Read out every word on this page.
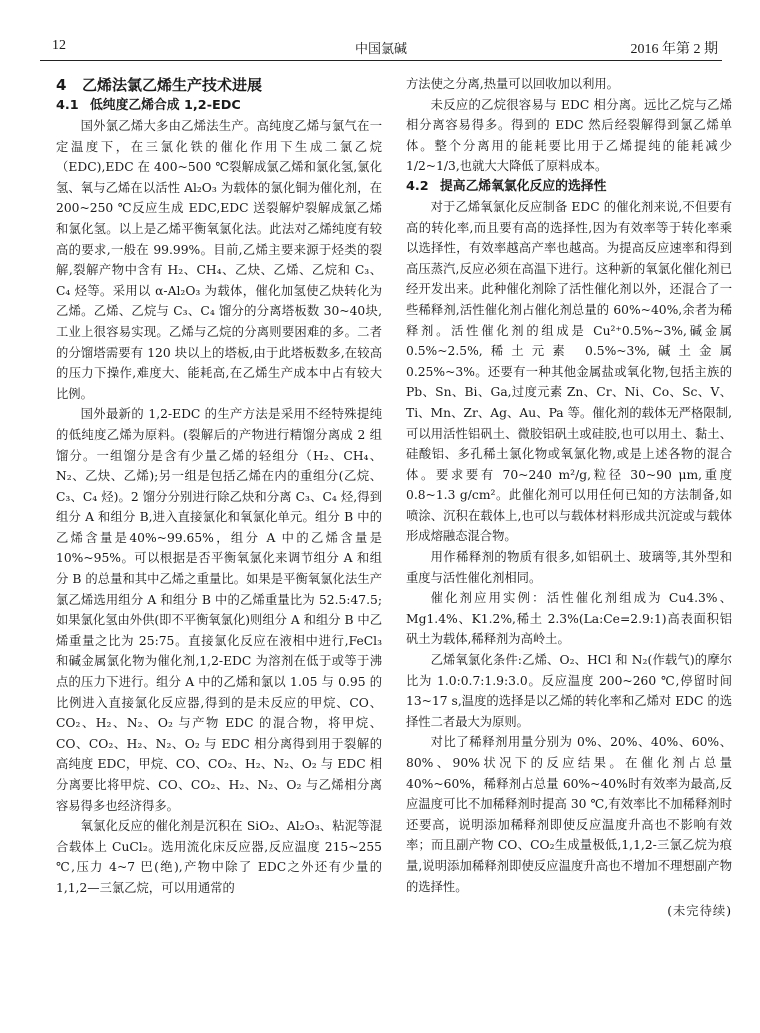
12	中国氯碱	2016 年第 2 期
4 乙烯法氯乙烯生产技术进展
4.1 低纯度乙烯合成 1,2-EDC

国外氯乙烯大多由乙烯法生产。高纯度乙烯与氯气在一定温度下，在三氯化铁的催化作用下生成二氯乙烷（EDC),EDC 在 400~500 ℃裂解成氯乙烯和氯化氢,氯化氢、氧与乙烯在以活性 Al₂O₃ 为载体的氯化铜为催化剂，在 200~250 ℃反应生成 EDC,EDC 送裂解炉裂解成氯乙烯和氯化氢。以上是乙烯平衡氧氯化法。此法对乙烯纯度有较高的要求,一般在 99.99%。目前,乙烯主要来源于烃类的裂解,裂解产物中含有 H₂、CH₄、乙炔、乙烯、乙烷和 C₃、C₄ 烃等。采用以 α-Al₂O₃ 为载体，催化加氢使乙炔转化为乙烯。乙烯、乙烷与 C₃、C₄ 馏分的分离塔板数 30~40块,工业上很容易实现。乙烯与乙烷的分离则要困难的多。二者的分馏塔需要有 120 块以上的塔板,由于此塔板数多,在较高的压力下操作,难度大、能耗高,在乙烯生产成本中占有较大比例。

国外最新的 1,2-EDC 的生产方法是采用不经特殊提纯的低纯度乙烯为原料。(裂解后的产物进行精馏分离成 2 组馏分。一组馏分是含有少量乙烯的轻组分（H₂、CH₄、N₂、乙炔、乙烯);另一组是包括乙烯在内的重组分(乙烷、C₃、C₄ 烃)。2 馏分分别进行除乙炔和分离 C₃、C₄ 烃,得到组分 A 和组分 B,进入直接氯化和氧氯化单元。组分 B 中的乙烯含量是40%~99.65%，组分 A 中的乙烯含量是 10%~95%。可以根据是否平衡氧氯化来调节组分 A 和组分 B 的总量和其中乙烯之重量比。如果是平衡氧氯化法生产氯乙烯选用组分 A 和组分 B 中的乙烯重量比为 52.5:47.5;如果氯化氢由外供(即不平衡氧氯化)则组分 A 和组分 B 中乙烯重量之比为 25:75。直接氯化反应在液相中进行,FeCl₃ 和碱金属氯化物为催化剂,1,2-EDC 为溶剂在低于或等于沸点的压力下进行。组分 A 中的乙烯和氯以 1.05 与 0.95 的比例进入直接氯化反应器,得到的是未反应的甲烷、CO、CO₂、H₂、N₂、O₂ 与产物 EDC 的混合物，将甲烷、CO、CO₂、H₂、N₂、O₂ 与 EDC 相分离得到用于裂解的高纯度 EDC，甲烷、CO、CO₂、H₂、N₂、O₂ 与 EDC 相分离要比将甲烷、CO、CO₂、H₂、N₂、O₂ 与乙烯相分离容易得多也经济得多。

氧氯化反应的催化剂是沉积在 SiO₂、Al₂O₃、粘泥等混合载体上 CuCl₂。选用流化床反应器,反应温度 215~255 ℃,压力 4~7 巴(绝),产物中除了 EDC之外还有少量的 1,1,2—三氯乙烷，可以用通常的

方法使之分离,热量可以回收加以利用。

未反应的乙烷很容易与 EDC 相分离。远比乙烷与乙烯相分离容易得多。得到的 EDC 然后经裂解得到氯乙烯单体。整个分离用的能耗要比用于乙烯提纯的能耗减少 1/2~1/3,也就大大降低了原料成本。

4.2 提高乙烯氧氯化反应的选择性

对于乙烯氧氯化反应制备 EDC 的催化剂来说,不但要有高的转化率,而且要有高的选择性,因为有效率等于转化率乘以选择性，有效率越高产率也越高。为提高反应速率和得到高压蒸汽,反应必须在高温下进行。这种新的氧氯化催化剂已经开发出来。此种催化剂除了活性催化剂以外，还混合了一些稀释剂,活性催化剂占催化剂总量的 60%~40%,余者为稀释剂。活性催化剂的组成是 Cu²⁺0.5%~3%,碱金属 0.5%~2.5%,稀土元素 0.5%~3%,碱土金属 0.25%~3%。还要有一种其他金属盐或氧化物,包括主族的 Pb、Sn、Bi、Ga,过度元素 Zn、Cr、Ni、Co、Sc、V、Ti、Mn、Zr、Ag、Au、Pa 等。催化剂的载体无严格限制,可以用活性铝矾土、微胶铝矾土或硅胶,也可以用土、黏土、硅酸铝、多孔稀土氯化物或氧氯化物,或是上述各物的混合体。要求要有 70~240 m²/g,粒径 30~90 μm,重度 0.8~1.3 g/cm²。此催化剂可以用任何已知的方法制备,如喷涂、沉积在载体上,也可以与载体材料形成共沉淀或与载体形成熔融态混合物。

用作稀释剂的物质有很多,如铝矾土、玻璃等,其外型和重度与活性催化剂相同。

催化剂应用实例：活性催化剂组成为 Cu4.3%、Mg1.4%、K1.2%,稀土 2.3%(La:Ce=2.9:1)高表面积铝矾土为载体,稀释剂为高岭土。

乙烯氧氯化条件:乙烯、O₂、HCl 和 N₂(作载气)的摩尔比为 1.0:0.7:1.9:3.0。反应温度 200~260 ℃,停留时间 13~17 s,温度的选择是以乙烯的转化率和乙烯对 EDC 的选择性二者最大为原则。

对比了稀释剂用量分别为 0%、20%、40%、60%、80%、90%状况下的反应结果。在催化剂占总量 40%~60%，稀释剂占总量 60%~40%时有效率为最高,反应温度可比不加稀释剂时提高 30 ℃,有效率比不加稀释剂时还要高，说明添加稀释剂即使反应温度升高也不影响有效率；而且副产物 CO、CO₂生成量极低,1,1,2-三氯乙烷为痕量,说明添加稀释剂即使反应温度升高也不增加不理想副产物的选择性。

(未完待续)
